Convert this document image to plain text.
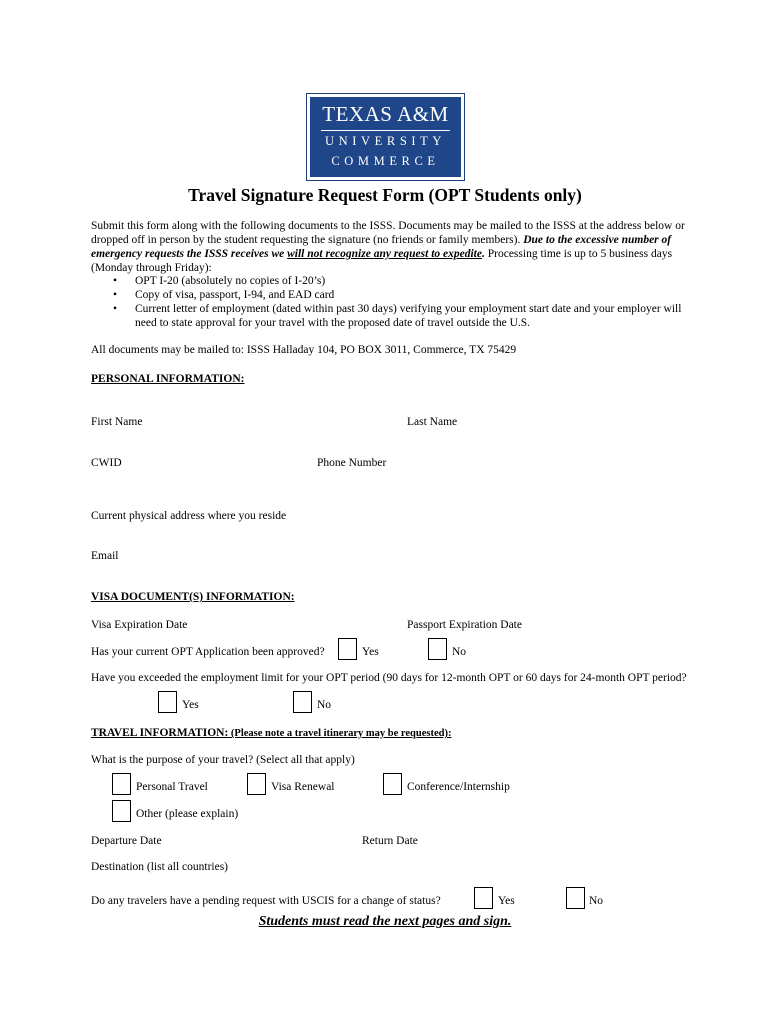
TEXAS A&M
UNIVERSITY
COMMERCE
Travel Signature Request Form (OPT Students only)

Submit this form along with the following documents to the ISSS. Documents may be mailed to the ISSS at the address below or dropped off in person by the student requesting the signature (no friends or family members). Due to the excessive number of emergency requests the ISSS receives we will not recognize any request to expedite. Processing time is up to 5 business days (Monday through Friday):

• OPT I-20 (absolutely no copies of I-20’s)
• Copy of visa, passport, I-94, and EAD card
• Current letter of employment (dated within past 30 days) verifying your employment start date and your employer will need to state approval for your travel with the proposed date of travel outside the U.S.
All documents may be mailed to: ISSS Halladay 104, PO BOX 3011, Commerce, TX 75429
PERSONAL INFORMATION:
First Name	Last Name
CWID	Phone Number
Current physical address where you reside
Email
VISA DOCUMENT(S) INFORMATION:
Visa Expiration Date	Passport Expiration Date
Has your current OPT Application been approved?	Yes	No
Have you exceeded the employment limit for your OPT period (90 days for 12-month OPT or 60 days for 24-month OPT period?
Yes	No
TRAVEL INFORMATION: (Please note a travel itinerary may be requested):
What is the purpose of your travel? (Select all that apply)
Personal Travel	Visa Renewal	Conference/Internship
Other (please explain)
Departure Date	Return Date
Destination (list all countries)
Do any travelers have a pending request with USCIS for a change of status?	Yes	No
Students must read the next pages and sign.
